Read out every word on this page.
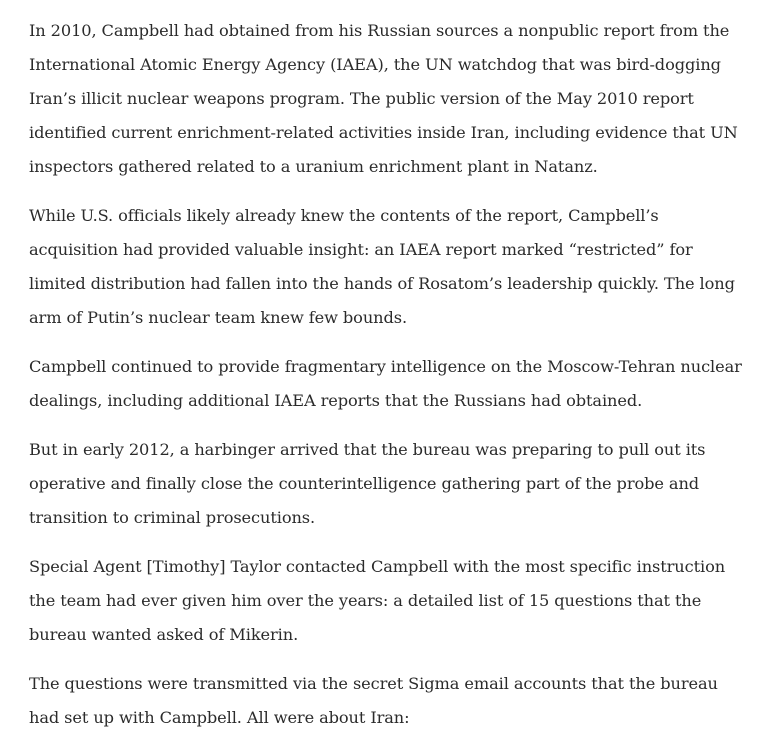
In 2010, Campbell had obtained from his Russian sources a nonpublic report from the International Atomic Energy Agency (IAEA), the UN watchdog that was bird-dogging Iran’s illicit nuclear weapons program. The public version of the May 2010 report identified current enrichment-related activities inside Iran, including evidence that UN inspectors gathered related to a uranium enrichment plant in Natanz.

While U.S. officials likely already knew the contents of the report, Campbell’s acquisition had provided valuable insight: an IAEA report marked “restricted” for limited distribution had fallen into the hands of Rosatom’s leadership quickly. The long arm of Putin’s nuclear team knew few bounds.

Campbell continued to provide fragmentary intelligence on the Moscow-Tehran nuclear dealings, including additional IAEA reports that the Russians had obtained.

But in early 2012, a harbinger arrived that the bureau was preparing to pull out its operative and finally close the counterintelligence gathering part of the probe and transition to criminal prosecutions.

Special Agent [Timothy] Taylor contacted Campbell with the most specific instruction the team had ever given him over the years: a detailed list of 15 questions that the bureau wanted asked of Mikerin.

The questions were transmitted via the secret Sigma email accounts that the bureau had set up with Campbell. All were about Iran:
